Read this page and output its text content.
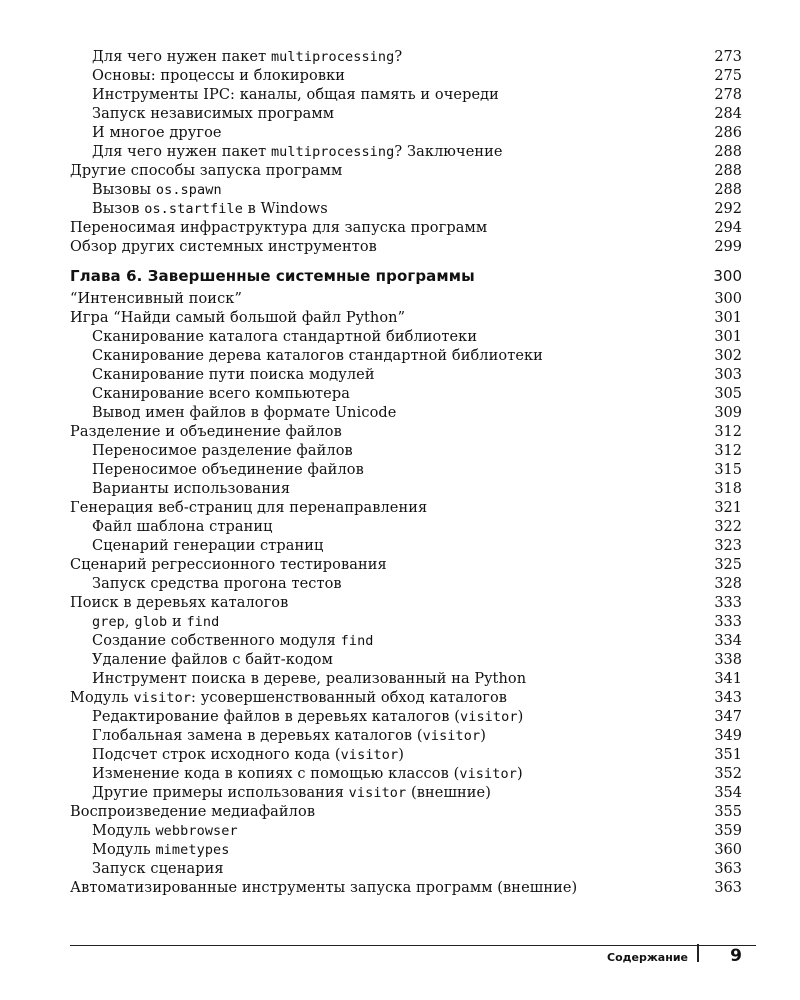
Для чего нужен пакет multiprocessing?	273
Основы: процессы и блокировки	275
Инструменты IPC: каналы, общая память и очереди	278
Запуск независимых программ	284
И многое другое	286
Для чего нужен пакет multiprocessing? Заключение	288
Другие способы запуска программ	288
Вызовы os.spawn	288
Вызов os.startfile в Windows	292
Переносимая инфраструктура для запуска программ	294
Обзор других системных инструментов	299
Глава 6. Завершенные системные программы	300
“Интенсивный поиск”	300
Игра “Найди самый большой файл Python”	301
Сканирование каталога стандартной библиотеки	301
Сканирование дерева каталогов стандартной библиотеки	302
Сканирование пути поиска модулей	303
Сканирование всего компьютера	305
Вывод имен файлов в формате Unicode	309
Разделение и объединение файлов	312
Переносимое разделение файлов	312
Переносимое объединение файлов	315
Варианты использования	318
Генерация веб-страниц для перенаправления	321
Файл шаблона страниц	322
Сценарий генерации страниц	323
Сценарий регрессионного тестирования	325
Запуск средства прогона тестов	328
Поиск в деревьях каталогов	333
grep, glob и find	333
Создание собственного модуля find	334
Удаление файлов с байт-кодом	338
Инструмент поиска в дереве, реализованный на Python	341
Модуль visitor: усовершенствованный обход каталогов	343
Редактирование файлов в деревьях каталогов (visitor)	347
Глобальная замена в деревьях каталогов (visitor)	349
Подсчет строк исходного кода (visitor)	351
Изменение кода в копиях с помощью классов (visitor)	352
Другие примеры использования visitor (внешние)	354
Воспроизведение медиафайлов	355
Модуль webbrowser	359
Модуль mimetypes	360
Запуск сценария	363
Автоматизированные инструменты запуска программ (внешние)	363
Содержание 9
